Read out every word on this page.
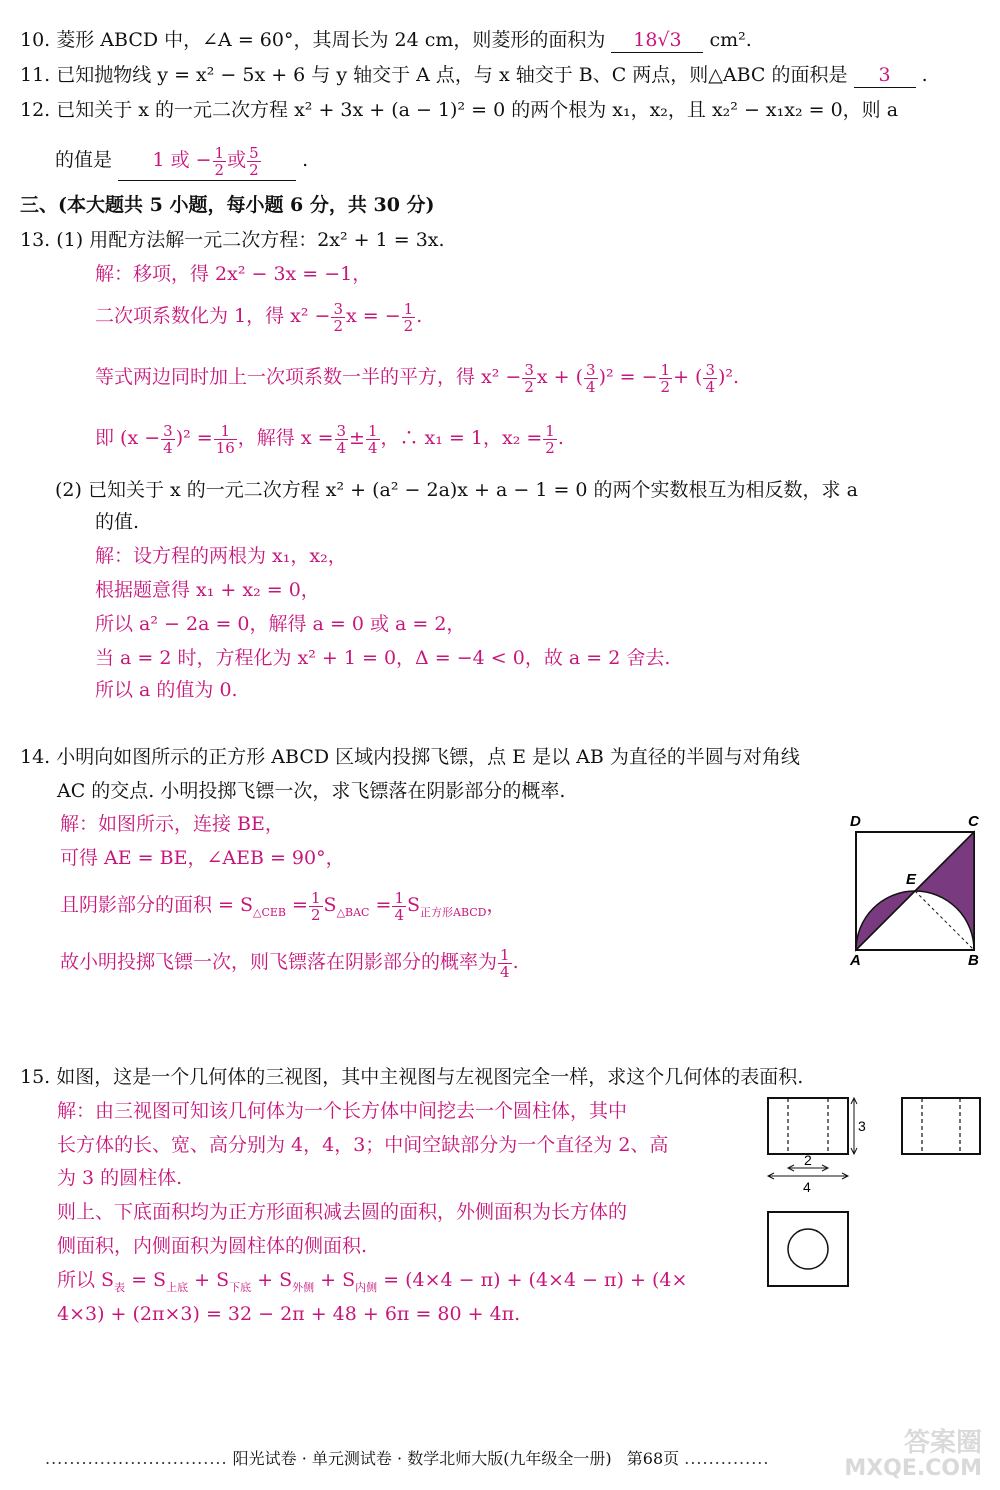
10. 菱形 ABCD 中，∠A = 60°，其周长为 24 cm，则菱形的面积为 18√3 cm².
11. 已知抛物线 y = x² − 5x + 6 与 y 轴交于 A 点，与 x 轴交于 B、C 两点，则△ABC 的面积是 3 .
12. 已知关于 x 的一元二次方程 x² + 3x + (a − 1)² = 0 的两个根为 x₁，x₂，且 x₂² − x₁x₂ = 0，则 a
的值是 1 或 − $\frac{1}{2}$ 或 $\frac{5}{2}$ .
三、(本大题共 5 小题，每小题 6 分，共 30 分)
13. (1) 用配方法解一元二次方程：2x² + 1 = 3x.
解：移项，得 2x² − 3x = −1，
二次项系数化为 1，得 $x^2 - \frac{3}{2}$ x = − $\frac{1}{2}$ .
等式两边同时加上一次项系数一半的平方，得 $x^2 - \frac{3}{2}$ x + ( $\frac{3}{4} )^2$ = − $\frac{1}{2}$ + ( $\frac{3}{4} )^2$.
即 $(x - \frac{3}{4} )^2 = \frac{1}{16}$ ，解得 $x = \frac{3}{4} \pm \frac{1}{4}$ ，∴ x₁ = 1，$x_2 = \frac{1}{2}$ .
(2) 已知关于 x 的一元二次方程 x² + (a² − 2a)x + a − 1 = 0 的两个实数根互为相反数，求 a
的值.
解：设方程的两根为 x₁，x₂，
根据题意得 x₁ + x₂ = 0，
所以 a² − 2a = 0，解得 a = 0 或 a = 2，
当 a = 2 时，方程化为 x² + 1 = 0，Δ = −4 < 0，故 a = 2 舍去.
所以 a 的值为 0.
14. 小明向如图所示的正方形 ABCD 区域内投掷飞镖，点 E 是以 AB 为直径的半圆与对角线
AC 的交点. 小明投掷飞镖一次，求飞镖落在阴影部分的概率.
解：如图所示，连接 BE，
可得 AE = BE，∠AEB = 90°，
且阴影部分的面积 = $S_{\triangle CEB} = \frac{1}{2} S_{\triangle BAC} = \frac{1}{4} S_{正方形ABCD}$，
故小明投掷飞镖一次，则飞镖落在阴影部分的概率为 $\frac{1}{4}$ .
D	C
E
A	B
15. 如图，这是一个几何体的三视图，其中主视图与左视图完全一样，求这个几何体的表面积.
解：由三视图可知该几何体为一个长方体中间挖去一个圆柱体，其中
长方体的长、宽、高分别为 4，4，3；中间空缺部分为一个直径为 2、高
为 3 的圆柱体.
则上、下底面积均为正方形面积减去圆的面积，外侧面积为长方体的
侧面积，内侧面积为圆柱体的侧面积.
所以 $S_表 = S_{上底} + S_{下底} + S_{外侧} + S_{内侧} = (4\times 4 - \pi) + (4\times 4 - \pi) + (4\times$
4×3) + (2π×3) = 32 − 2π + 48 + 6π = 80 + 4π.
3
2
4
.............................. 阳光试卷 · 单元测试卷 · 数学北师大版(九年级全一册) 第68页 ..............
答案圈
MXQE.COM
